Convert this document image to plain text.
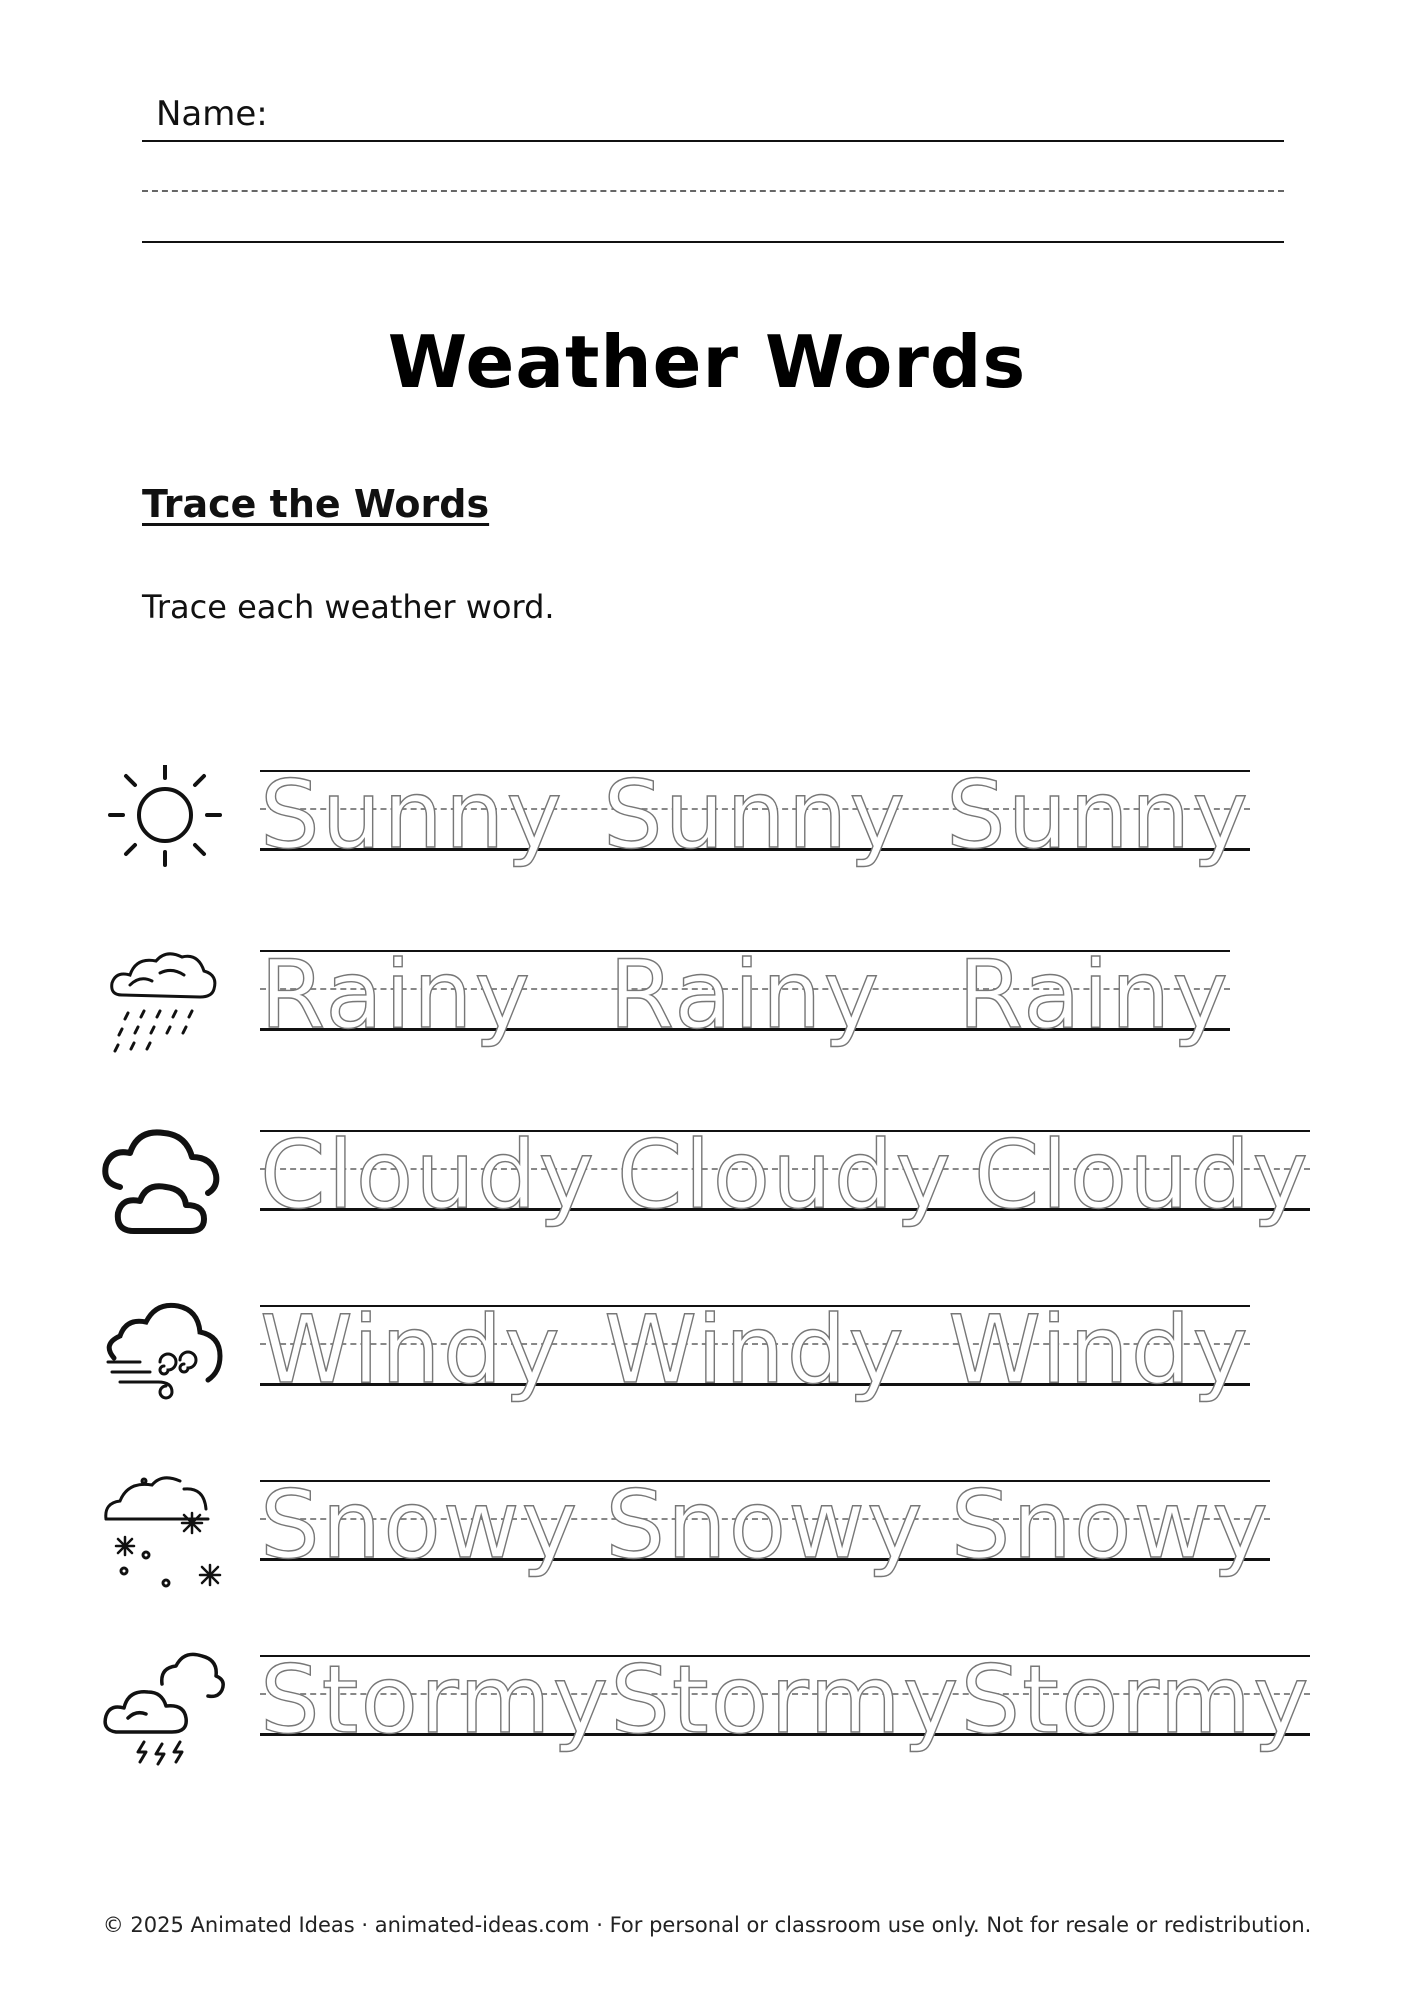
Name:
Weather Words
Trace the Words
Trace each weather word.
Sunny Sunny Sunny
Rainy Rainy Rainy
Cloudy Cloudy Cloudy
Windy Windy Windy
Snowy Snowy Snowy
Stormy Stormy Stormy
© 2025 Animated Ideas · animated-ideas.com · For personal or classroom use only. Not for resale or redistribution.
